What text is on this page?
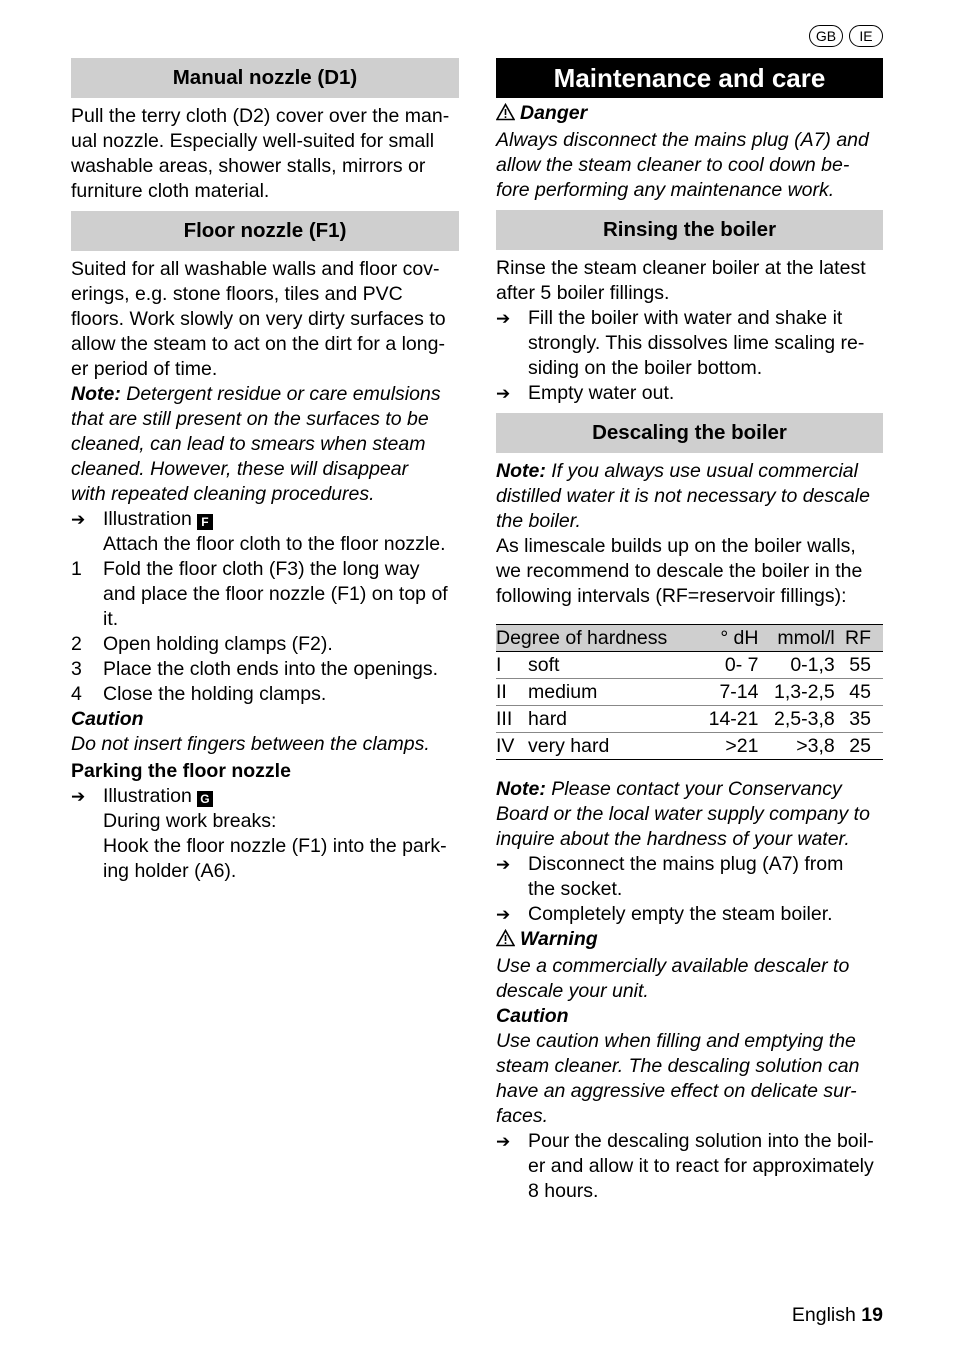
GB	IE
Manual nozzle (D1)

Pull the terry cloth (D2) cover over the man-

ual nozzle. Especially well-suited for small

washable areas, shower stalls, mirrors or

furniture cloth material.

Floor nozzle (F1)

Suited for all washable walls and floor cov-

erings, e.g. stone floors, tiles and PVC

floors. Work slowly on very dirty surfaces to

allow the steam to act on the dirt for a long-

er period of time.

Note: Detergent residue or care emulsions

that are still present on the surfaces to be

cleaned, can lead to smears when steam

cleaned. However, these will disappear

with repeated cleaning procedures.

➔ Illustration F
Attach the floor cloth to the floor nozzle.
1	Fold the floor cloth (F3) the long way
and place the floor nozzle (F1) on top of
it.
2	Open holding clamps (F2).
3	Place the cloth ends into the openings.
4	Close the holding clamps.

Caution

Do not insert fingers between the clamps.

Parking the floor nozzle

➔ Illustration G
During work breaks:
Hook the floor nozzle (F1) into the park-
ing holder (A6).
Maintenance and care

Danger

Always disconnect the mains plug (A7) and

allow the steam cleaner to cool down be-

fore performing any maintenance work.

Rinsing the boiler

Rinse the steam cleaner boiler at the latest

after 5 boiler fillings.

➔ Fill the boiler with water and shake it
strongly. This dissolves lime scaling re-
siding on the boiler bottom.
➔ Empty water out.
Descaling the boiler

Note: If you always use usual commercial

distilled water it is not necessary to descale

the boiler.

As limescale builds up on the boiler walls,

we recommend to descale the boiler in the

following intervals (RF=reservoir fillings):

Degree of hardness		° dH	mmol/l	RF
I	soft	0- 7	0-1,3	55
II	medium	7-14	1,3-2,5	45
III	hard	14-21	2,5-3,8	35
IV	very hard	>21	>3,8	25

Note: Please contact your Conservancy

Board or the local water supply company to

inquire about the hardness of your water.

➔ Disconnect the mains plug (A7) from
the socket.
➔ Completely empty the steam boiler.

Warning

Use a commercially available descaler to

descale your unit.

Caution

Use caution when filling and emptying the

steam cleaner. The descaling solution can

have an aggressive effect on delicate sur-

faces.

➔ Pour the descaling solution into the boil-
er and allow it to react for approximately
8 hours.
English 19
